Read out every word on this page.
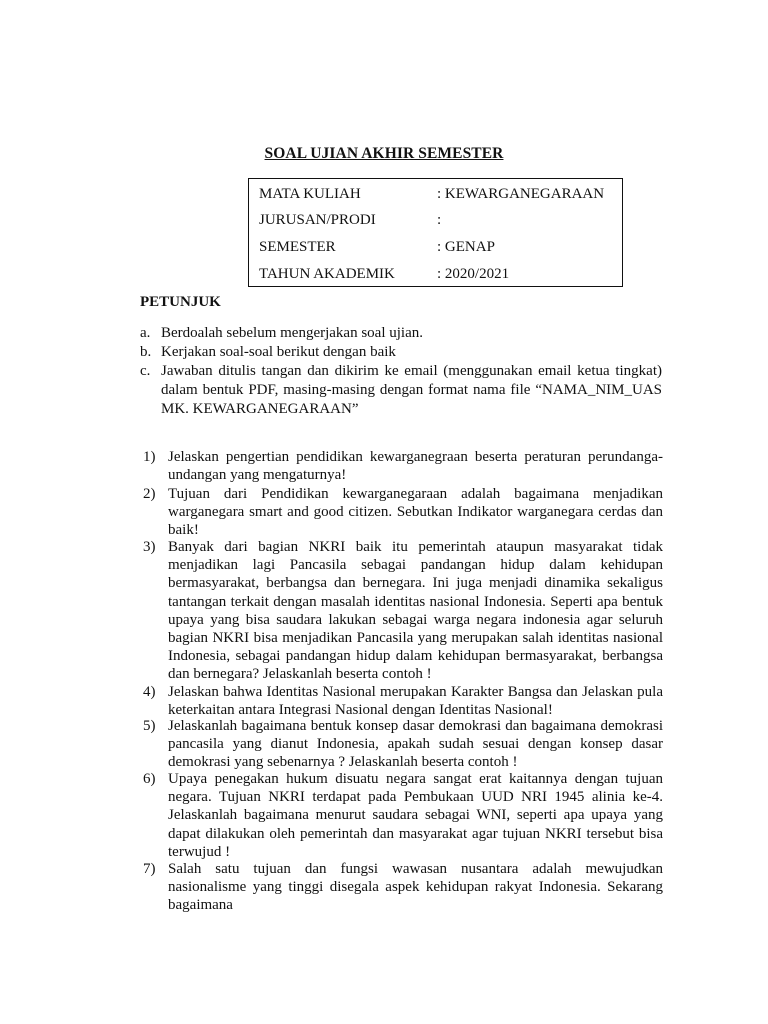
SOAL UJIAN AKHIR SEMESTER
MATA KULIAH	: KEWARGANEGARAAN
JURUSAN/PRODI	:
SEMESTER	: GENAP
TAHUN AKADEMIK	: 2020/2021
PETUNJUK
a. Berdoalah sebelum mengerjakan soal ujian.
b. Kerjakan soal-soal berikut dengan baik
c. Jawaban ditulis tangan dan dikirim ke email (menggunakan email ketua tingkat) dalam bentuk PDF, masing-masing dengan format nama file “NAMA_NIM_UAS MK. KEWARGANEGARAAN”
1) Jelaskan pengertian pendidikan kewarganegraan beserta peraturan perundanga-undangan yang mengaturnya!
2) Tujuan dari Pendidikan kewarganegaraan adalah bagaimana menjadikan warganegara smart and good citizen. Sebutkan Indikator warganegara cerdas dan baik!
3) Banyak dari bagian NKRI baik itu pemerintah ataupun masyarakat tidak menjadikan lagi Pancasila sebagai pandangan hidup dalam kehidupan bermasyarakat, berbangsa dan bernegara. Ini juga menjadi dinamika sekaligus tantangan terkait dengan masalah identitas nasional Indonesia. Seperti apa bentuk upaya yang bisa saudara lakukan sebagai warga negara indonesia agar seluruh bagian NKRI bisa menjadikan Pancasila yang merupakan salah identitas nasional Indonesia, sebagai pandangan hidup dalam kehidupan bermasyarakat, berbangsa dan bernegara? Jelaskanlah beserta contoh !
4) Jelaskan bahwa Identitas Nasional merupakan Karakter Bangsa dan Jelaskan pula keterkaitan antara Integrasi Nasional dengan Identitas Nasional!
5) Jelaskanlah bagaimana bentuk konsep dasar demokrasi dan bagaimana demokrasi pancasila yang dianut Indonesia, apakah sudah sesuai dengan konsep dasar demokrasi yang sebenarnya ? Jelaskanlah beserta contoh !
6) Upaya penegakan hukum disuatu negara sangat erat kaitannya dengan tujuan negara. Tujuan NKRI terdapat pada Pembukaan UUD NRI 1945 alinia ke-4. Jelaskanlah bagaimana menurut saudara sebagai WNI, seperti apa upaya yang dapat dilakukan oleh pemerintah dan masyarakat agar tujuan NKRI tersebut bisa terwujud !
7) Salah satu tujuan dan fungsi wawasan nusantara adalah mewujudkan nasionalisme yang tinggi disegala aspek kehidupan rakyat Indonesia. Sekarang bagaimana
